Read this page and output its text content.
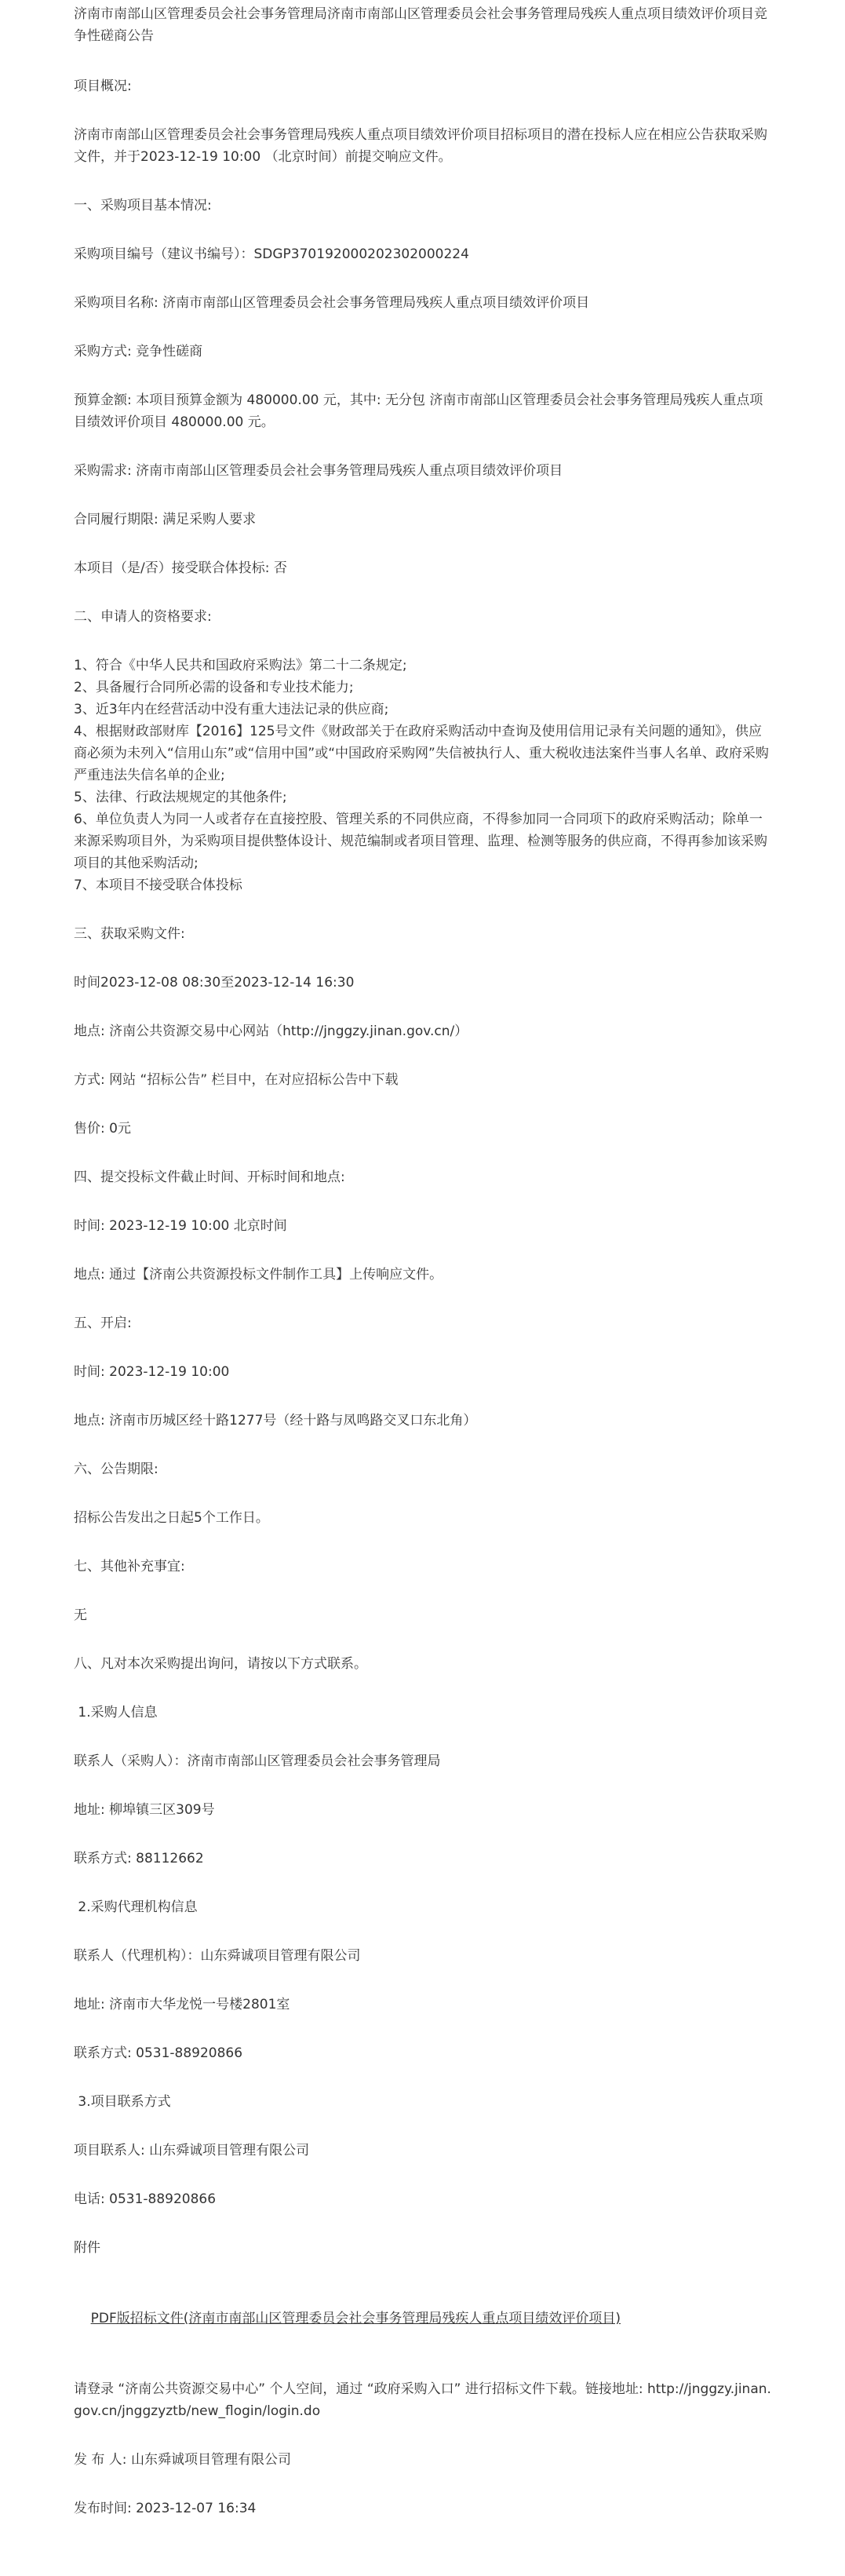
济南市南部山区管理委员会社会事务管理局济南市南部山区管理委员会社会事务管理局残疾人重点项目绩效评价项目竞争性磋商公告
项目概况:
济南市南部山区管理委员会社会事务管理局残疾人重点项目绩效评价项目招标项目的潜在投标人应在相应公告获取采购文件，并于2023-12-19 10:00 （北京时间）前提交响应文件。
一、采购项目基本情况:
采购项目编号（建议书编号）：SDGP370192000202302000224
采购项目名称: 济南市南部山区管理委员会社会事务管理局残疾人重点项目绩效评价项目
采购方式: 竞争性磋商
预算金额: 本项目预算金额为 480000.00 元，其中: 无分包 济南市南部山区管理委员会社会事务管理局残疾人重点项目绩效评价项目 480000.00 元。
采购需求: 济南市南部山区管理委员会社会事务管理局残疾人重点项目绩效评价项目
合同履行期限: 满足采购人要求
本项目（是/否）接受联合体投标: 否
二、申请人的资格要求:
1、符合《中华人民共和国政府采购法》第二十二条规定;
2、具备履行合同所必需的设备和专业技术能力;
3、近3年内在经营活动中没有重大违法记录的供应商;
4、根据财政部财库【2016】125号文件《财政部关于在政府采购活动中查询及使用信用记录有关问题的通知》，供应商必须为未列入“信用山东”或“信用中国”或“中国政府采购网”失信被执行人、重大税收违法案件当事人名单、政府采购严重违法失信名单的企业;
5、法律、行政法规规定的其他条件;
6、单位负责人为同一人或者存在直接控股、管理关系的不同供应商，不得参加同一合同项下的政府采购活动；除单一来源采购项目外，为采购项目提供整体设计、规范编制或者项目管理、监理、检测等服务的供应商，不得再参加该采购项目的其他采购活动;
7、本项目不接受联合体投标
三、获取采购文件:
时间2023-12-08 08:30至2023-12-14 16:30
地点: 济南公共资源交易中心网站（http://jnggzy.jinan.gov.cn/）
方式: 网站 “招标公告” 栏目中，在对应招标公告中下载
售价: 0元
四、提交投标文件截止时间、开标时间和地点:
时间: 2023-12-19 10:00 北京时间
地点: 通过【济南公共资源投标文件制作工具】上传响应文件。
五、开启:
时间: 2023-12-19 10:00
地点: 济南市历城区经十路1277号（经十路与凤鸣路交叉口东北角）
六、公告期限:
招标公告发出之日起5个工作日。
七、其他补充事宜:
无
八、凡对本次采购提出询问，请按以下方式联系。
1.采购人信息
联系人（采购人）：济南市南部山区管理委员会社会事务管理局
地址: 柳埠镇三区309号
联系方式: 88112662
2.采购代理机构信息
联系人（代理机构）：山东舜诚项目管理有限公司
地址: 济南市大华龙悦一号楼2801室
联系方式: 0531-88920866
3.项目联系方式
项目联系人: 山东舜诚项目管理有限公司
电话: 0531-88920866
附件

PDF版招标文件(济南市南部山区管理委员会社会事务管理局残疾人重点项目绩效评价项目)

请登录 “济南公共资源交易中心” 个人空间，通过 “政府采购入口” 进行招标文件下载。链接地址: http://jnggzy.jinan.gov.cn/jnggzyztb/new_flogin/login.do
发 布 人: 山东舜诚项目管理有限公司
发布时间: 2023-12-07 16:34
